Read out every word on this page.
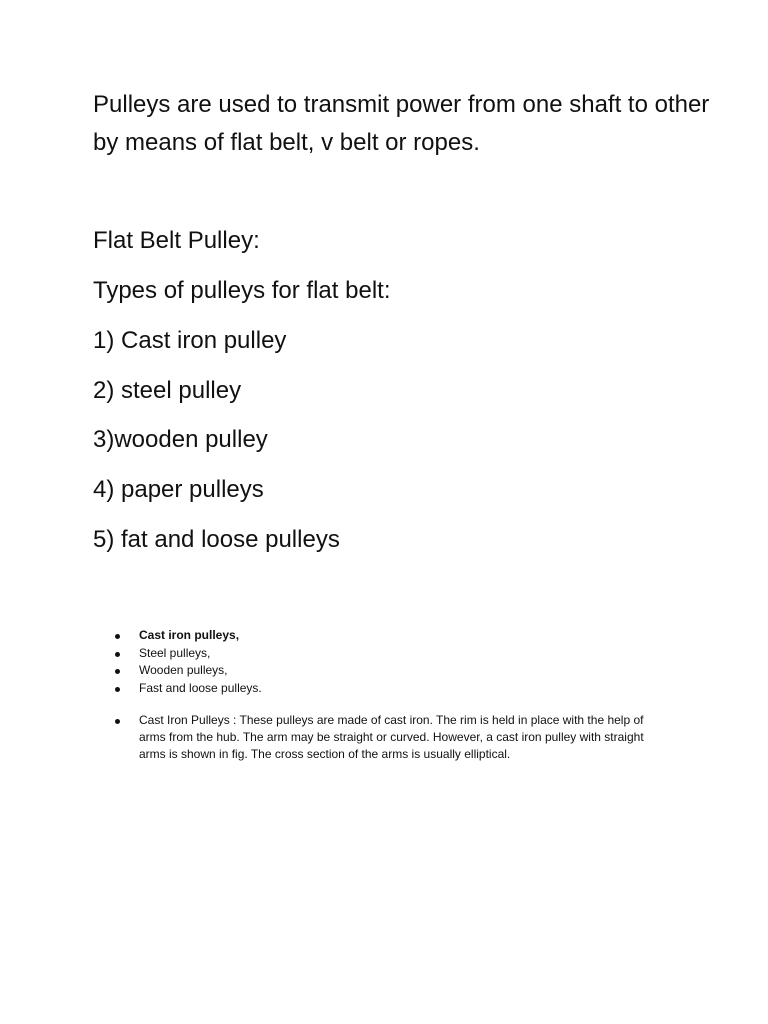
Pulleys are used to transmit power from one shaft to other by means of flat belt, v belt or ropes.

Flat Belt Pulley:

Types of pulleys for flat belt:

1) Cast iron pulley

2) steel pulley

3)wooden pulley

4) paper pulleys

5) fat and loose pulleys

Cast iron pulleys,
Steel pulleys,
Wooden pulleys,
Fast and loose pulleys.
Cast Iron Pulleys : These pulleys are made of cast iron. The rim is held in place with the help of arms from the hub. The arm may be straight or curved. However, a cast iron pulley with straight arms is shown in fig. The cross section of the arms is usually elliptical.
